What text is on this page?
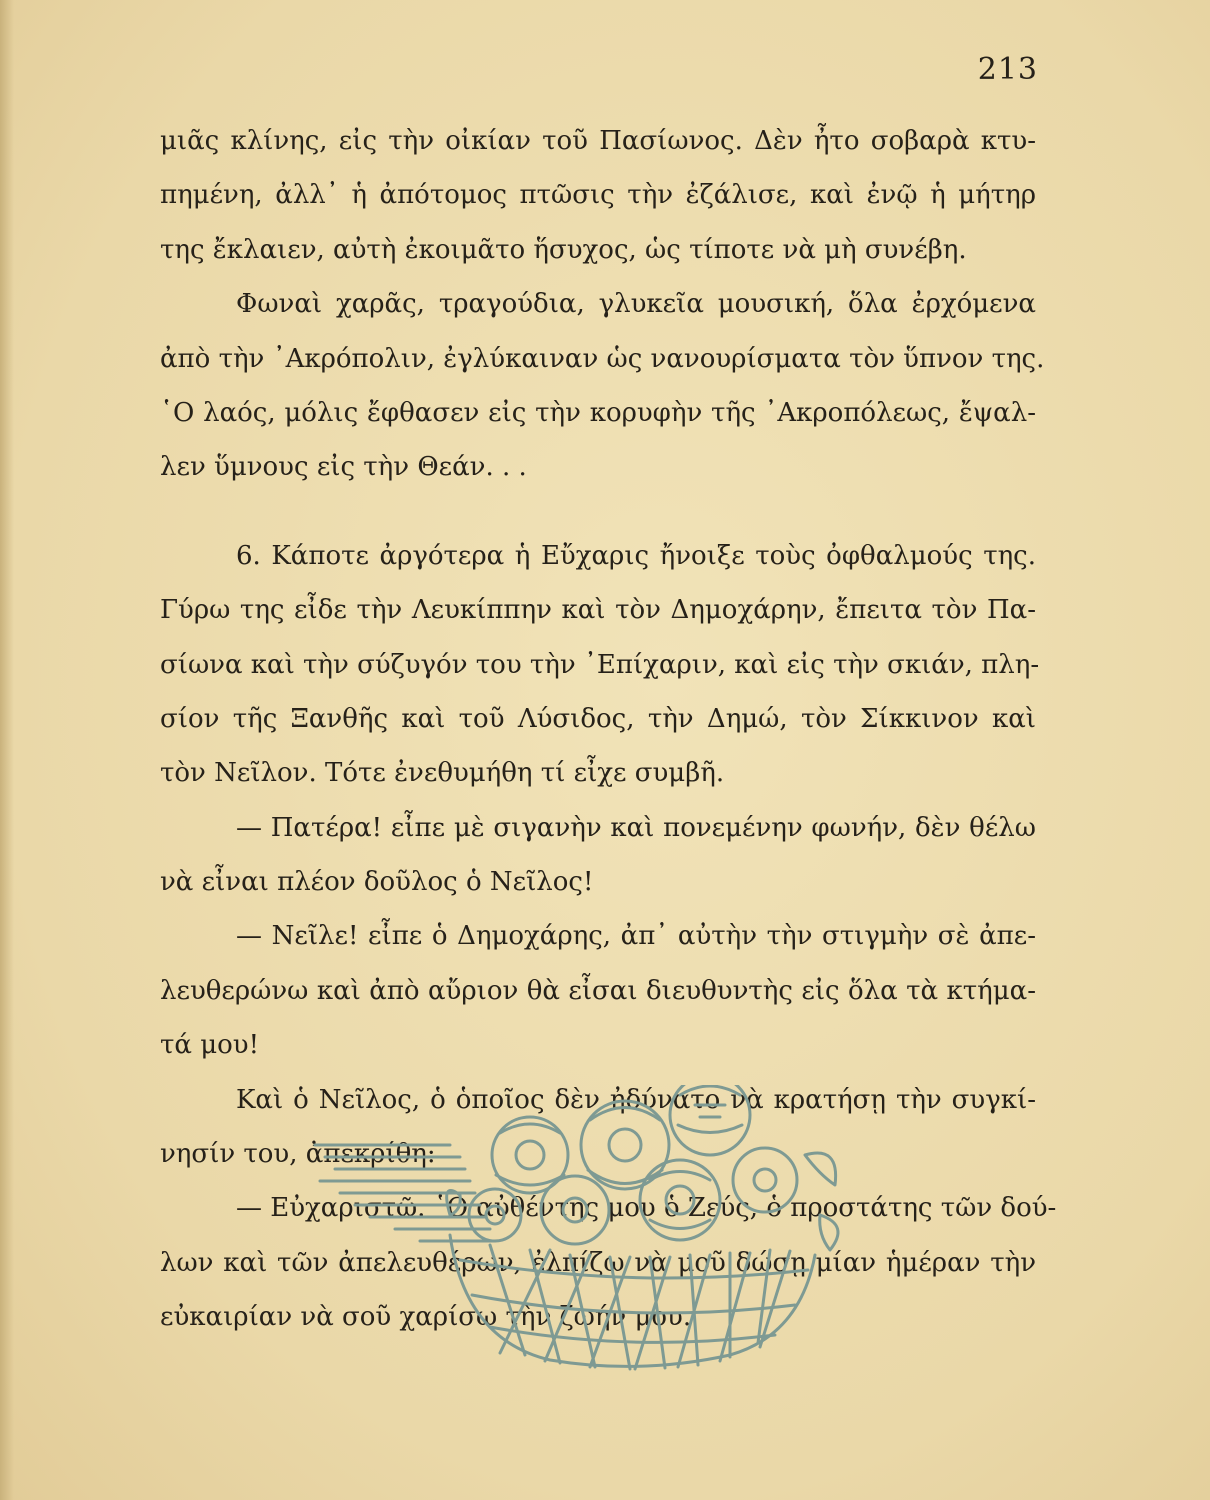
213
μιᾶς κλίνης, εἰς τὴν οἰκίαν τοῦ Πασίωνος. Δὲν ἦτο σοβαρὰ κτυ-
πημένη, ἀλλ᾿ ἡ ἀπότομος πτῶσις τὴν ἐζάλισε, καὶ ἐνῷ ἡ μήτηρ
της ἔκλαιεν, αὐτὴ ἐκοιμᾶτο ἥσυχος, ὡς τίποτε νὰ μὴ συνέβη.
Φωναὶ χαρᾶς, τραγούδια, γλυκεῖα μουσική, ὅλα ἐρχόμενα
ἀπὸ τὴν ᾿Ακρόπολιν, ἐγλύκαιναν ὡς νανουρίσματα τὸν ὕπνον της.
῾Ο λαός, μόλις ἔφθασεν εἰς τὴν κορυφὴν τῆς ᾿Ακροπόλεως, ἔψαλ-
λεν ὕμνους εἰς τὴν Θεάν. . .
6. Κάποτε ἀργότερα ἡ Εὔχαρις ἤνοιξε τοὺς ὀφθαλμούς της.
Γύρω της εἶδε τὴν Λευκίππην καὶ τὸν Δημοχάρην, ἔπειτα τὸν Πα-
σίωνα καὶ τὴν σύζυγόν του τὴν ᾿Επίχαριν, καὶ εἰς τὴν σκιάν, πλη-
σίον τῆς Ξανθῆς καὶ τοῦ Λύσιδος, τὴν Δημώ, τὸν Σίκκινον καὶ
τὸν Νεῖλον. Τότε ἐνεθυμήθη τί εἶχε συμβῆ.
— Πατέρα! εἶπε μὲ σιγανὴν καὶ πονεμένην φωνήν, δὲν θέλω
νὰ εἶναι πλέον δοῦλος ὁ Νεῖλος!
— Νεῖλε! εἶπε ὁ Δημοχάρης, ἀπ᾿ αὐτὴν τὴν στιγμὴν σὲ ἀπε-
λευθερώνω καὶ ἀπὸ αὔριον θὰ εἶσαι διευθυντὴς εἰς ὅλα τὰ κτήμα-
τά μου!
Καὶ ὁ Νεῖλος, ὁ ὁποῖος δὲν ἠδύνατο νὰ κρατήσῃ τὴν συγκί-
νησίν του, ἀπεκρίθη:
— Εὐχαριστῶ. ῾Ο αὐθέντης μου ὁ Ζεύς, ὁ προστάτης τῶν δού-
λων καὶ τῶν ἀπελευθέρων, ἐλπίζω νὰ μοῦ δώσῃ μίαν ἡμέραν τὴν
εὐκαιρίαν νὰ σοῦ χαρίσω τὴν ζωήν μου.
